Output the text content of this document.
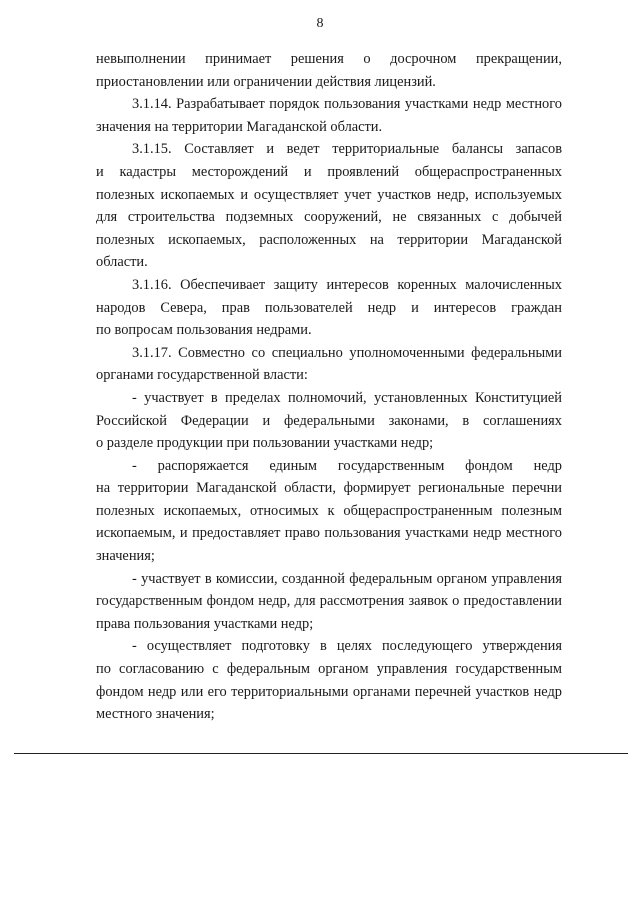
8
невыполнении принимает решения о досрочном прекращении,
приостановлении или ограничении действия лицензий.
3.1.14. Разрабатывает порядок пользования участками недр местного
значения на территории Магаданской области.
3.1.15. Составляет и ведет территориальные балансы запасов
и кадастры месторождений и проявлений общераспространенных
полезных ископаемых и осуществляет учет участков недр, используемых
для строительства подземных сооружений, не связанных с добычей
полезных ископаемых, расположенных на территории Магаданской
области.
3.1.16. Обеспечивает защиту интересов коренных малочисленных
народов Севера, прав пользователей недр и интересов граждан
по вопросам пользования недрами.
3.1.17. Совместно со специально уполномоченными федеральными
органами государственной власти:
- участвует в пределах полномочий, установленных Конституцией
Российской Федерации и федеральными законами, в соглашениях
о разделе продукции при пользовании участками недр;
- распоряжается единым государственным фондом недр
на территории Магаданской области, формирует региональные перечни
полезных ископаемых, относимых к общераспространенным полезным
ископаемым, и предоставляет право пользования участками недр местного
значения;
- участвует в комиссии, созданной федеральным органом управления
государственным фондом недр, для рассмотрения заявок о предоставлении
права пользования участками недр;
- осуществляет подготовку в целях последующего утверждения
по согласованию с федеральным органом управления государственным
фондом недр или его территориальными органами перечней участков недр
местного значения;
